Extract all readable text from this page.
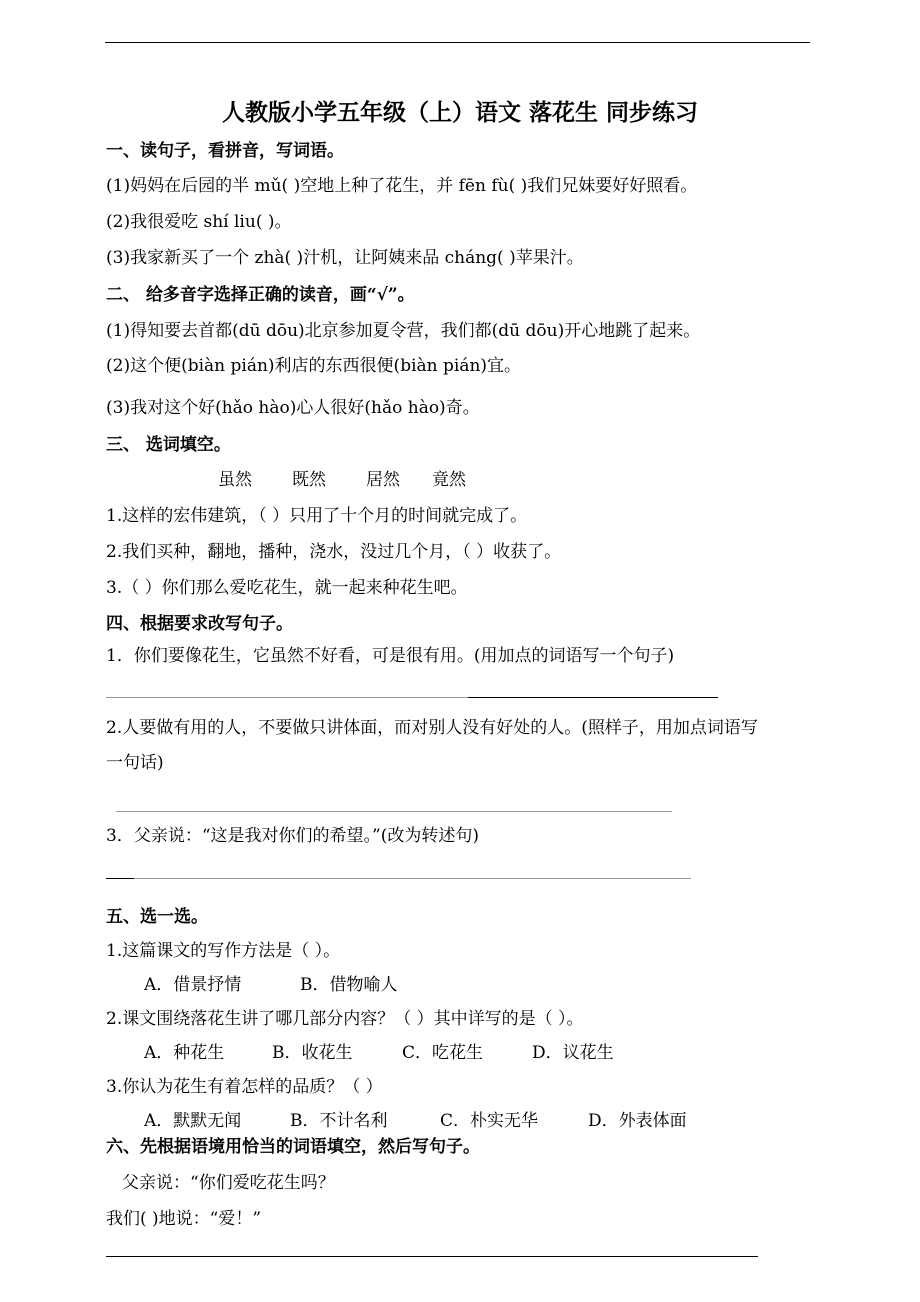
人教版小学五年级（上）语文 落花生 同步练习
一、读句子，看拼音，写词语。
(1)妈妈在后园的半 mǔ( )空地上种了花生，并 fēn fù( )我们兄妹要好好照看。
(2)我很爱吃 shí liu( )。
(3)我家新买了一个 zhà( )汁机，让阿姨来品 cháng( )苹果汁。
二、 给多音字选择正确的读音，画“√”。
(1)得知要去首都(dū dōu)北京参加夏令营，我们都(dū dōu)开心地跳了起来。
(2)这个便(biàn pián)利店的东西很便(biàn pián)宜。
(3)我对这个好(hǎo hào)心人很好(hǎo hào)奇。
三、 选词填空。
虽然 既然 居然 竟然
1.这样的宏伟建筑，（ ）只用了十个月的时间就完成了。
2.我们买种，翻地，播种，浇水，没过几个月，（ ）收获了。
3.（ ）你们那么爱吃花生，就一起来种花生吧。
四、根据要求改写句子。
1．你们要像花生，它虽然不好看，可是很有用。(用加点的词语写一个句子)
2.人要做有用的人，不要做只讲体面，而对别人没有好处的人。(照样子，用加点词语写
一句话)
3．父亲说：“这是我对你们的希望。”(改为转述句)
五、选一选。
1.这篇课文的写作方法是（ ）。
A．借景抒情	B．借物喻人
2.课文围绕落花生讲了哪几部分内容？（ ）其中详写的是（ ）。
A．种花生	B．收花生	C．吃花生	D．议花生
3.你认为花生有着怎样的品质？（ ）
A．默默无闻	B．不计名利	C．朴实无华	D．外表体面
六、先根据语境用恰当的词语填空，然后写句子。
父亲说：“你们爱吃花生吗？
我们( )地说：“爱！”
